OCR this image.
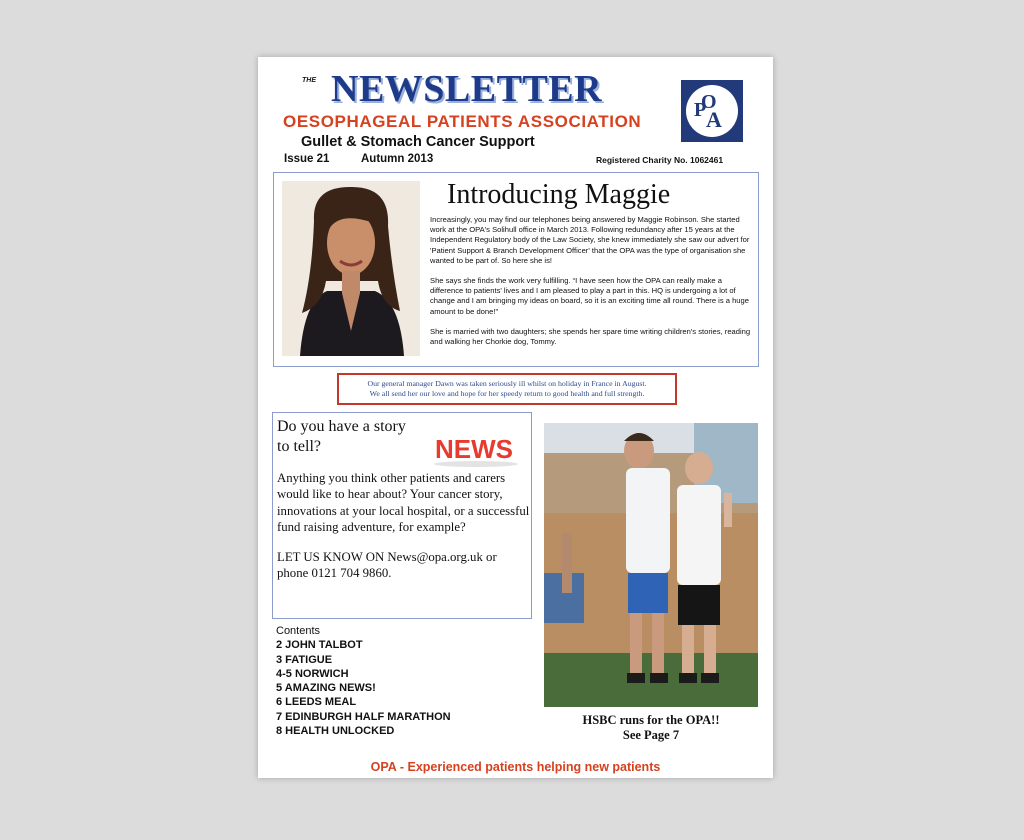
THE NEWSLETTER
OESOPHAGEAL PATIENTS ASSOCIATION
Gullet & Stomach Cancer Support
Issue 21	Autumn 2013	Registered Charity No. 1062461
O
P A
Introducing Maggie

Increasingly, you may find our telephones being answered by Maggie Robinson. She started work at the OPA's Solihull office in March 2013. Following redundancy after 15 years at the Independent Regulatory body of the Law Society, she knew immediately she saw our advert for 'Patient Support & Branch Development Officer' that the OPA was the type of organisation she wanted to be part of. So here she is!

She says she finds the work very fulfilling. “I have seen how the OPA can really make a difference to patients' lives and I am pleased to play a part in this. HQ is undergoing a lot of change and I am bringing my ideas on board, so it is an exciting time all round. There is a huge amount to be done!”

She is married with two daughters; she spends her spare time writing children's stories, reading and walking her Chorkie dog, Tommy.

Our general manager Dawn was taken seriously ill whilst on holiday in France in August.
We all send her our love and hope for her speedy return to good health and full strength.
Do you have a story
to tell?	NEWS

Anything you think other patients and carers would like to hear about? Your cancer story, innovations at your local hospital, or a successful fund raising adventure, for example?

LET US KNOW ON News@opa.org.uk or phone 0121 704 9860.

Contents
2 JOHN TALBOT
3 FATIGUE
4-5 NORWICH
5 AMAZING NEWS!
6 LEEDS MEAL
7 EDINBURGH HALF MARATHON
8 HEALTH UNLOCKED
HSBC runs for the OPA!!
See Page 7
OPA - Experienced patients helping new patients
